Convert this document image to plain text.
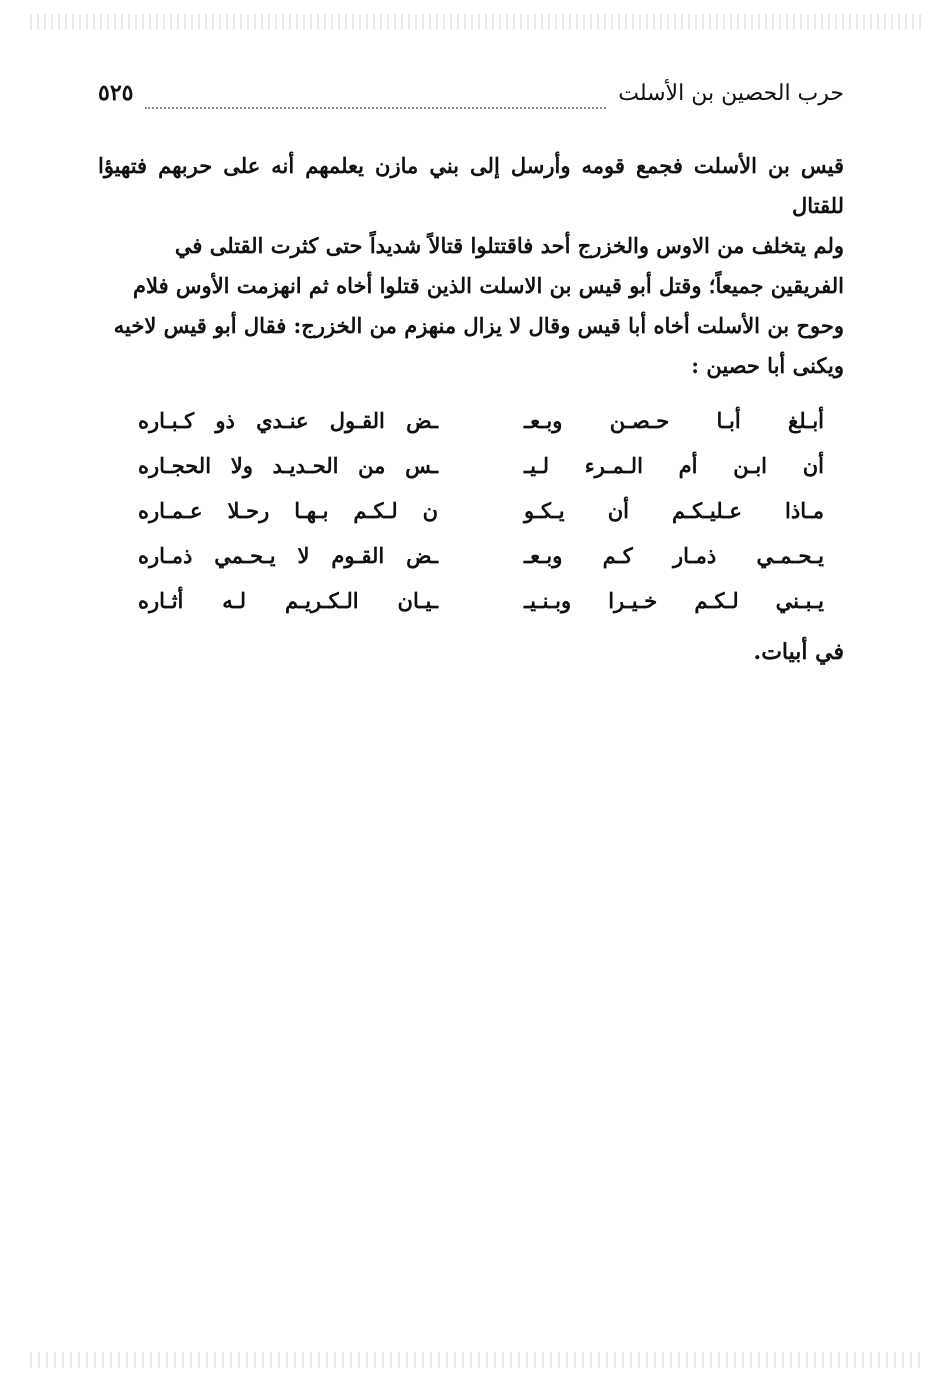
حرب الحصين بن الأسلت
٥٢٥

قيس بن الأسلت فجمع قومه وأرسل إلى بني مازن يعلمهم أنه على حربهم فتهيؤا للقتال

ولم يتخلف من الاوس والخزرج أحد فاقتتلوا قتالاً شديداً حتى كثرت القتلى في

الفريقين جميعاً؛ وقتل أبو قيس بن الاسلت الذين قتلوا أخاه ثم انهزمت الأوس فلام

وحوح بن الأسلت أخاه أبا قيس وقال لا يزال منهزم من الخزرج: فقال أبو قيس لاخيه

ويكنى أبا حصين :

أبـلغ أبـا حـصـن وبـعـ
ـض القـول عنـدي ذو كـبـاره
أن ابـن أم الـمـرء لـيـ
ـس من الحـديـد ولا الحجـاره
مـاذا عـليـكـم أن يـكـو
ن لـكـم بـهـا رحـلا عـمـاره
يـحـمـي ذمـار كـم وبـعـ
ـض القـوم لا يـحـمي ذمـاره
يـبـني لـكـم خـيـرا وبـنـيـ
ـيـان الـكـريـم لـه أثـاره
في أبيات.
